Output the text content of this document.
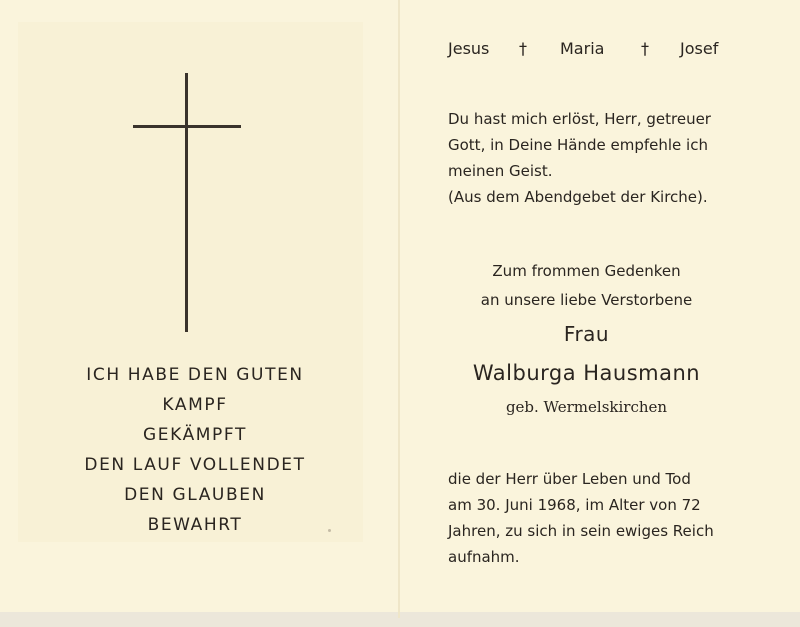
ICH HABE DEN GUTEN
KAMPF
GEKÄMPFT
DEN LAUF VOLLENDET
DEN GLAUBEN
BEWAHRT
Jesus † Maria † Josef
Du hast mich erlöst, Herr, getreuer
Gott, in Deine Hände empfehle ich
meinen Geist.
(Aus dem Abendgebet der Kirche).
Zum frommen Gedenken
an unsere liebe Verstorbene
Frau
Walburga Hausmann
geb. Wermelskirchen
die der Herr über Leben und Tod
am 30. Juni 1968, im Alter von 72
Jahren, zu sich in sein ewiges Reich
aufnahm.
